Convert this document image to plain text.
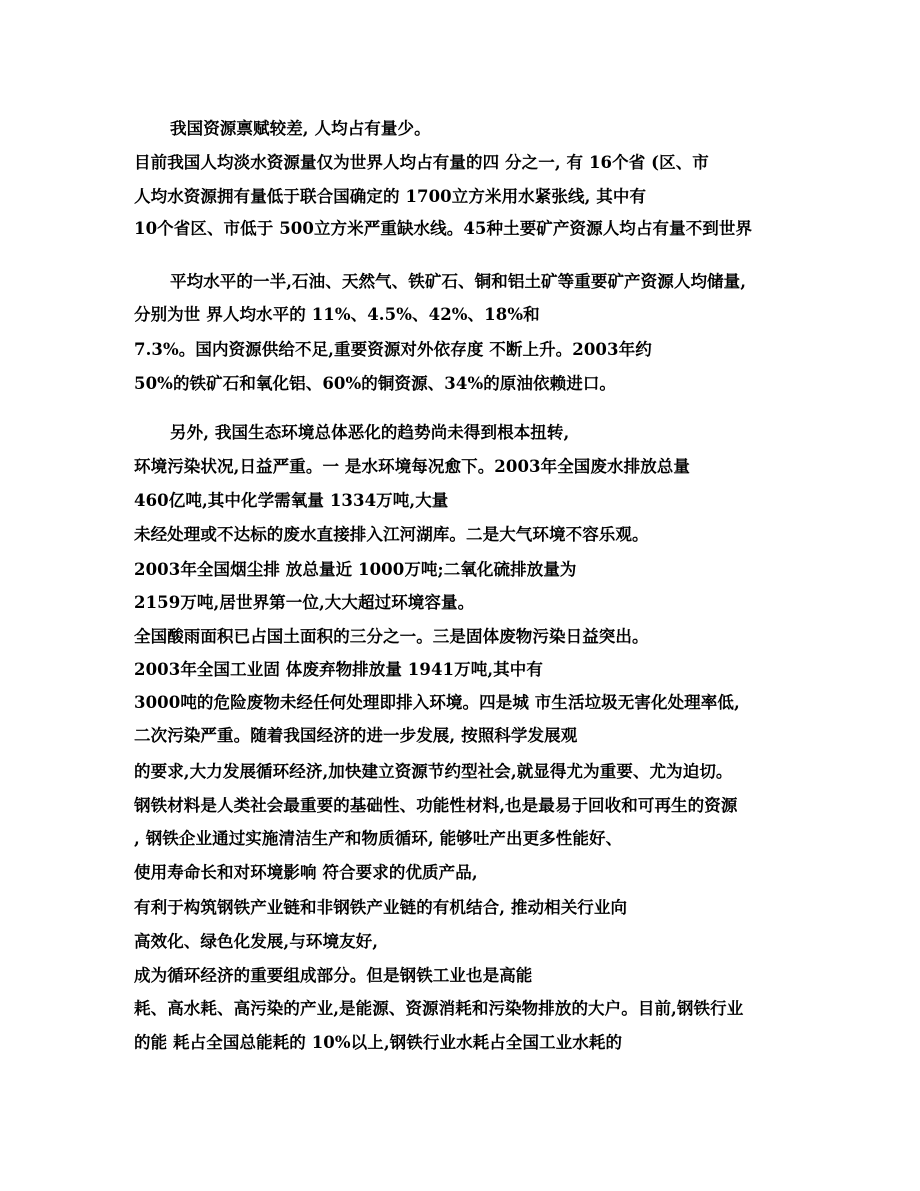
我国资源禀赋较差, 人均占有量少。
目前我国人均淡水资源量仅为世界人均占有量的四 分之一, 有 16个省 (区、市
人均水资源拥有量低于联合国确定的 1700立方米用水紧张线, 其中有
10个省区、市低于 500立方米严重缺水线。45种土要矿产资源人均占有量不到世界
平均水平的一半,石油、天然气、铁矿石、铜和铝土矿等重要矿产资源人均储量,
分别为世 界人均水平的 11%、4.5%、42%、18%和
7.3%。国内资源供给不足,重要资源对外依存度 不断上升。2003年约
50%的铁矿石和氧化铝、60%的铜资源、34%的原油依赖进口。
另外, 我国生态环境总体恶化的趋势尚未得到根本扭转,
环境污染状况,日益严重。一 是水环境每况愈下。2003年全国废水排放总量
460亿吨,其中化学需氧量 1334万吨,大量
未经处理或不达标的废水直接排入江河湖库。二是大气环境不容乐观。
2003年全国烟尘排 放总量近 1000万吨;二氧化硫排放量为
2159万吨,居世界第一位,大大超过环境容量。
全国酸雨面积已占国土面积的三分之一。三是固体废物污染日益突出。
2003年全国工业固 体废弃物排放量 1941万吨,其中有
3000吨的危险废物未经任何处理即排入环境。四是城 市生活垃圾无害化处理率低,
二次污染严重。随着我国经济的进一步发展, 按照科学发展观
的要求,大力发展循环经济,加快建立资源节约型社会,就显得尤为重要、尤为迫切。
钢铁材料是人类社会最重要的基础性、功能性材料,也是最易于回收和可再生的资源
, 钢铁企业通过实施清洁生产和物质循环, 能够吐产出更多性能好、
使用寿命长和对环境影响 符合要求的优质产品,
有利于构筑钢铁产业链和非钢铁产业链的有机结合, 推动相关行业向
高效化、绿色化发展,与环境友好,
成为循环经济的重要组成部分。但是钢铁工业也是高能
耗、高水耗、高污染的产业,是能源、资源消耗和污染物排放的大户。目前,钢铁行业
的能 耗占全国总能耗的 10%以上,钢铁行业水耗占全国工业水耗的
